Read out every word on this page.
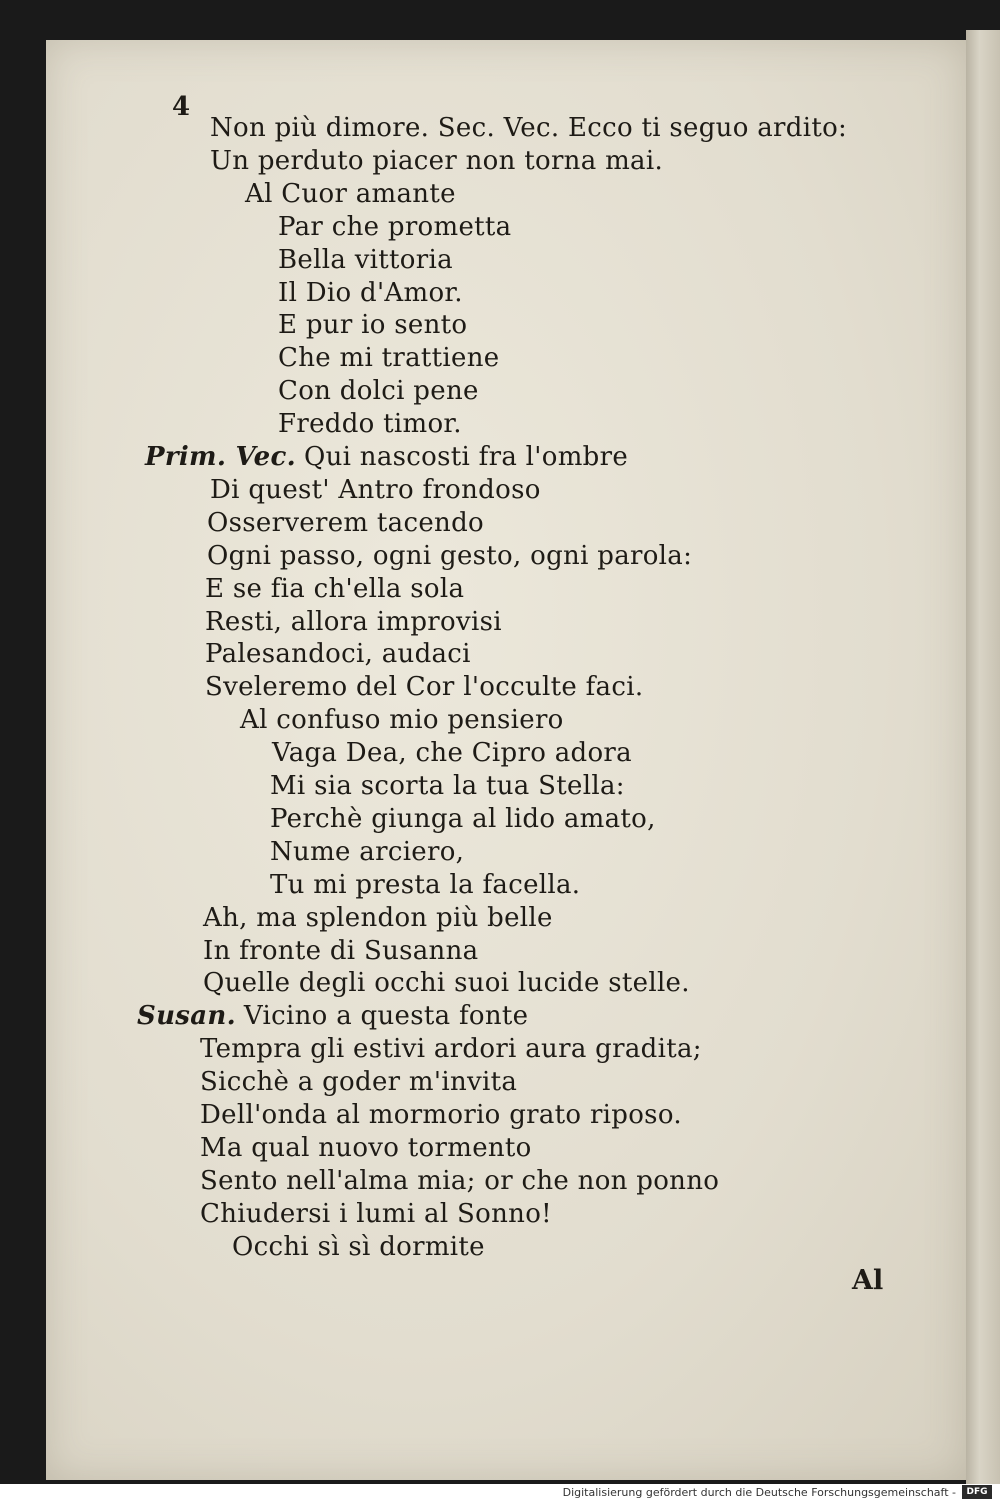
4
Non più dimore. Sec. Vec. Ecco ti seguo ardito:
Un perduto piacer non torna mai.
Al Cuor amante
Par che prometta
Bella vittoria
Il Dio d'Amor.
E pur io sento
Che mi trattiene
Con dolci pene
Freddo timor.
Prim. Vec. Qui nascosti fra l'ombre
Di quest' Antro frondoso
Osserverem tacendo
Ogni passo, ogni gesto, ogni parola:
E se fia ch'ella sola
Resti, allora improvisi
Palesandoci, audaci
Sveleremo del Cor l'occulte faci.
Al confuso mio pensiero
Vaga Dea, che Cipro adora
Mi sia scorta la tua Stella:
Perchè giunga al lido amato,
Nume arciero,
Tu mi presta la facella.
Ah, ma splendon più belle
In fronte di Susanna
Quelle degli occhi suoi lucide stelle.
Susan. Vicino a questa fonte
Tempra gli estivi ardori aura gradita;
Sicchè a goder m'invita
Dell'onda al mormorio grato riposo.
Ma qual nuovo tormento
Sento nell'alma mia; or che non ponno
Chiudersi i lumi al Sonno!
Occhi sì sì dormite
Al
Digitalisierung gefördert durch die Deutsche Forschungsgemeinschaft -	DFG
